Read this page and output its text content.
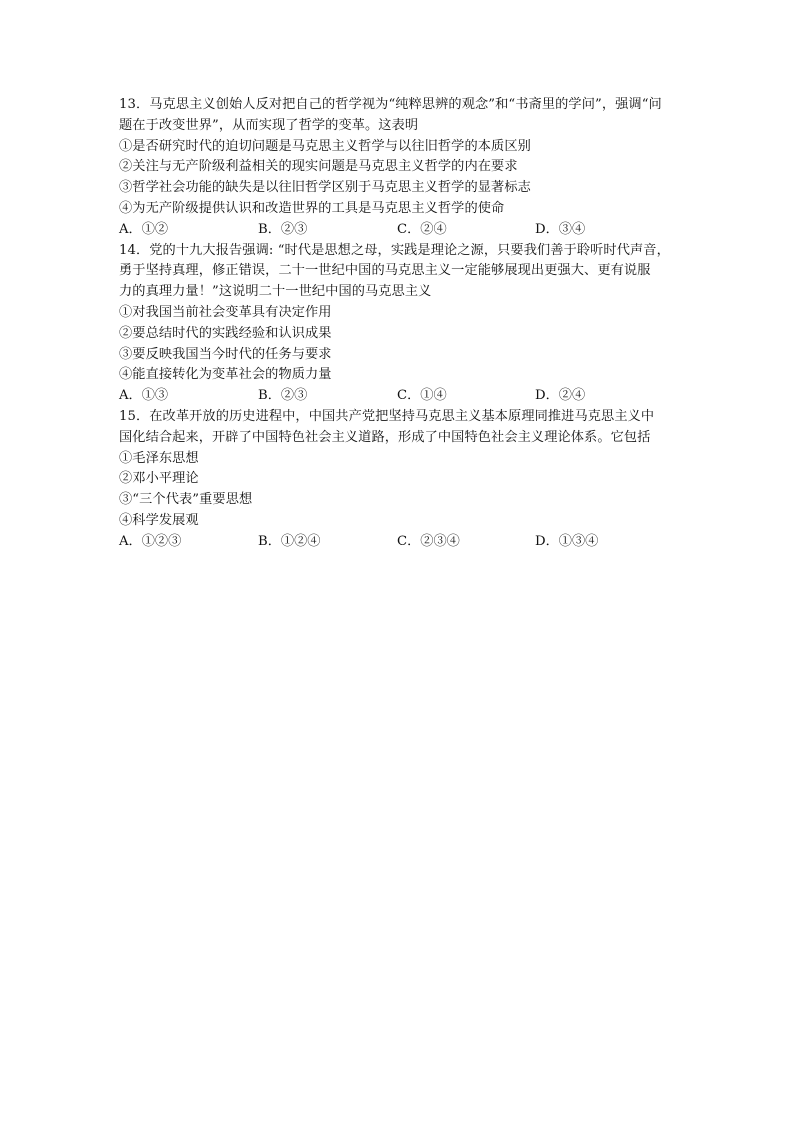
13．马克思主义创始人反对把自己的哲学视为“纯粹思辨的观念”和“书斋里的学问”，强调“问
题在于改变世界”，从而实现了哲学的变革。这表明
①是否研究时代的迫切问题是马克思主义哲学与以往旧哲学的本质区别
②关注与无产阶级利益相关的现实问题是马克思主义哲学的内在要求
③哲学社会功能的缺失是以往旧哲学区别于马克思主义哲学的显著标志
④为无产阶级提供认识和改造世界的工具是马克思主义哲学的使命
A．①②	B．②③	C．②④	D．③④
14．党的十九大报告强调: “时代是思想之母，实践是理论之源，只要我们善于聆听时代声音，
勇于坚持真理，修正错误，二十一世纪中国的马克思主义一定能够展现出更强大、更有说服
力的真理力量！”这说明二十一世纪中国的马克思主义
①对我国当前社会变革具有决定作用
②要总结时代的实践经验和认识成果
③要反映我国当今时代的任务与要求
④能直接转化为变革社会的物质力量
A．①③	B．②③	C．①④	D．②④
15．在改革开放的历史进程中，中国共产党把坚持马克思主义基本原理同推进马克思主义中
国化结合起来，开辟了中国特色社会主义道路，形成了中国特色社会主义理论体系。它包括
①毛泽东思想
②邓小平理论
③“三个代表”重要思想
④科学发展观
A．①②③	B．①②④	C．②③④	D．①③④
